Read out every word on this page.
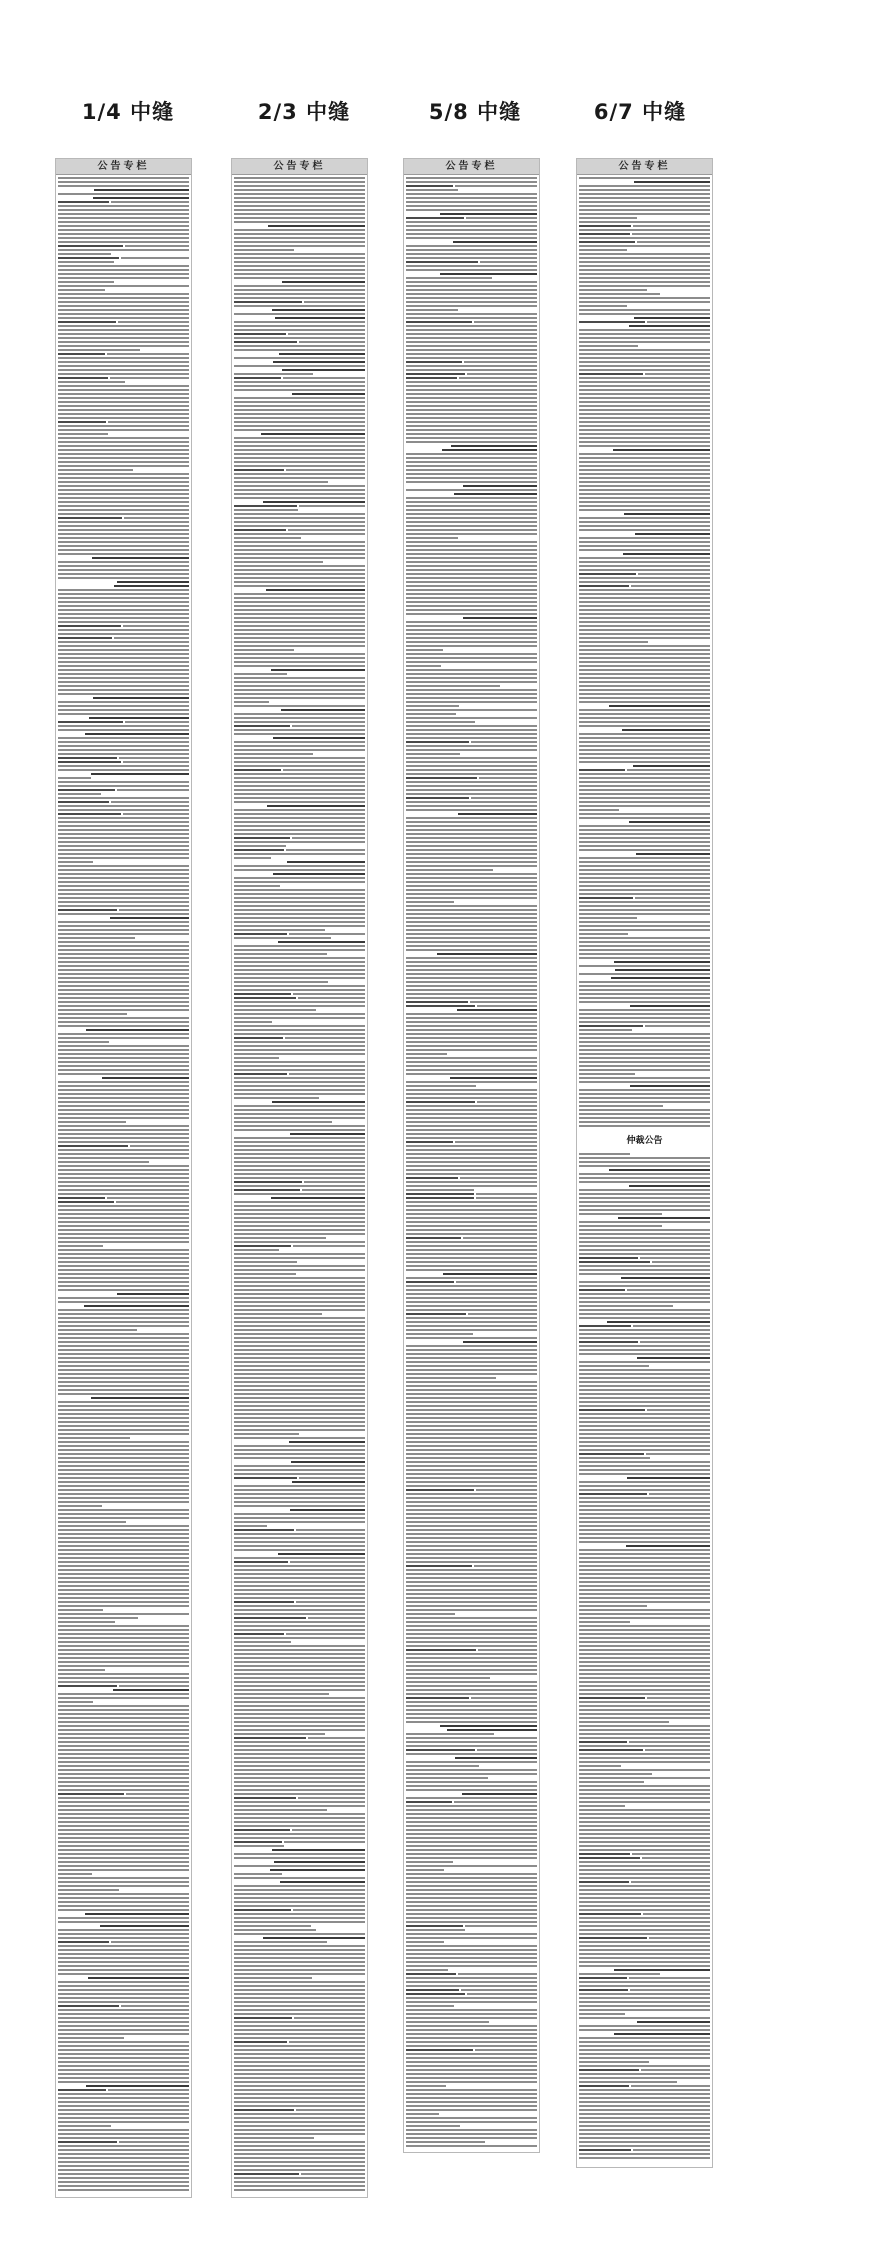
1/4 中缝	2/3 中缝	5/8 中缝	6/7 中缝
公告专栏	公告专栏	公告专栏	公告专栏
仲裁公告
